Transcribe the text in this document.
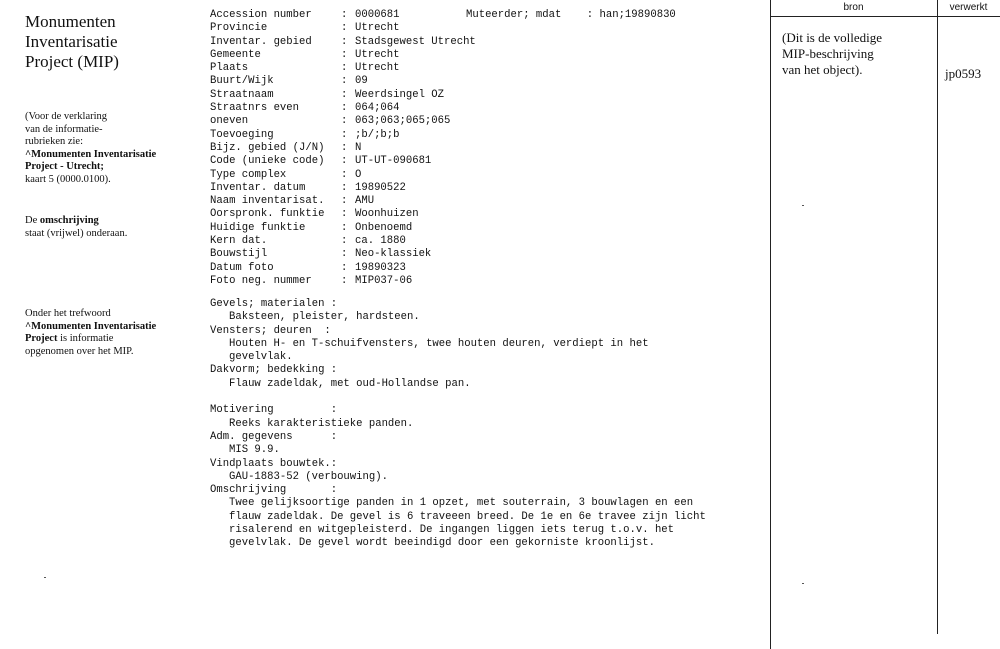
Monumenten
Inventarisatie
Project (MIP)
(Voor de verklaring
van de informatie-
rubrieken zie:
^Monumenten Inventarisatie
Project - Utrecht;
kaart 5 (0000.0100).
De omschrijving
staat (vrijwel) onderaan.
Onder het trefwoord
^Monumenten Inventarisatie
Project is informatie
opgenomen over het MIP.
Muteerder; mdat    : han;19890830
Accession number	: 0000681
Provincie	: Utrecht
Inventar. gebied	: Stadsgewest Utrecht
Gemeente	: Utrecht
Plaats	: Utrecht
Buurt/Wijk	: 09
Straatnaam	: Weerdsingel OZ
Straatnrs even	: 064;064
oneven	: 063;063;065;065
Toevoeging	: ;b/;b;b
Bijz. gebied (J/N) : N
Code (unieke code) : UT-UT-090681
Type complex	: O
Inventar. datum	: 19890522
Naam inventarisat. : AMU
Oorspronk. funktie : Woonhuizen
Huidige funktie	: Onbenoemd
Kern dat.	: ca. 1880
Bouwstijl	: Neo-klassiek
Datum foto	: 19890323
Foto neg. nummer	: MIP037-06
Gevels; materialen :
Baksteen, pleister, hardsteen.
Vensters; deuren  :
Houten H- en T-schuifvensters, twee houten deuren, verdiept in het
gevelvlak.
Dakvorm; bedekking :
Flauw zadeldak, met oud-Hollandse pan.
Motivering         :
Reeks karakteristieke panden.
Adm. gegevens      :
MIS 9.9.
Vindplaats bouwtek.:
GAU-1883-52 (verbouwing).
Omschrijving       :
Twee gelijksoortige panden in 1 opzet, met souterrain, 3 bouwlagen en een
flauw zadeldak. De gevel is 6 traveeen breed. De 1e en 6e travee zijn licht
risalerend en witgepleisterd. De ingangen liggen iets terug t.o.v. het
gevelvlak. De gevel wordt beeindigd door een gekorniste kroonlijst.
bron	verwerkt
(Dit is de volledige
MIP-beschrijving
van het object).	jp0593
